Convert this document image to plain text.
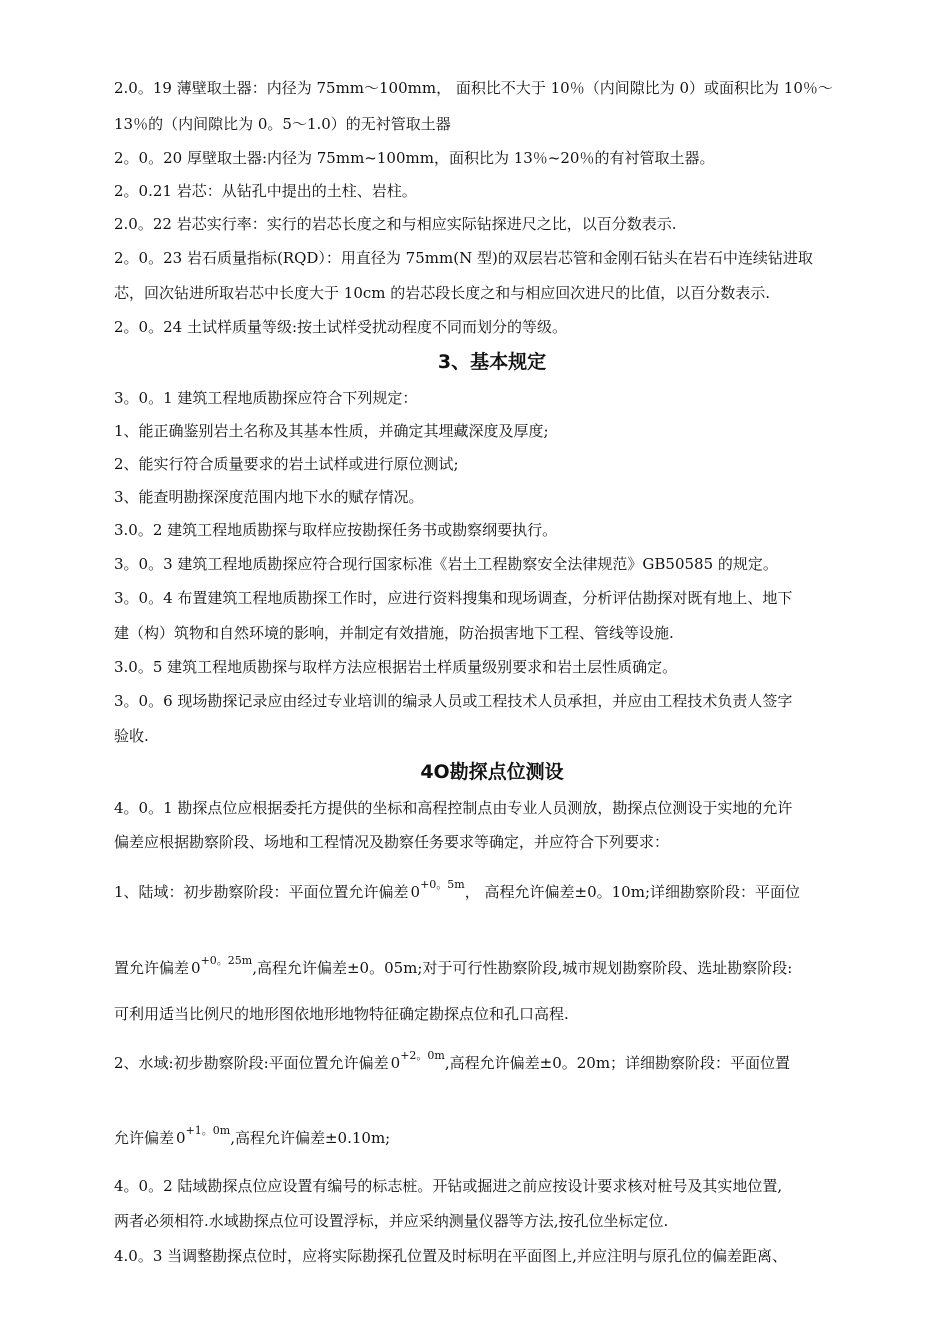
2.0。19 薄壁取土器：内径为 75mm～100mm， 面积比不大于 10％（内间隙比为 0）或面积比为 10％～

13％的（内间隙比为 0。5～1.0）的无衬管取土器

2。0。20 厚壁取土器:内径为 75mm~100mm，面积比为 13％~20％的有衬管取土器。

2。0.21 岩芯：从钻孔中提出的土柱、岩柱。

2.0。22 岩芯实行率：实行的岩芯长度之和与相应实际钻探进尺之比，以百分数表示.

2。0。23 岩石质量指标(RQD）：用直径为 75mm(N 型)的双层岩芯管和金刚石钻头在岩石中连续钻进取

芯，回次钻进所取岩芯中长度大于 10cm 的岩芯段长度之和与相应回次进尺的比值，以百分数表示.

2。0。24 土试样质量等级:按土试样受扰动程度不同而划分的等级。

3、基本规定

3。0。1 建筑工程地质勘探应符合下列规定：

1、能正确鉴别岩土名称及其基本性质，并确定其埋藏深度及厚度;

2、能实行符合质量要求的岩土试样或进行原位测试;

3、能查明勘探深度范围内地下水的赋存情况。

3.0。2 建筑工程地质勘探与取样应按勘探任务书或勘察纲要执行。

3。0。3 建筑工程地质勘探应符合现行国家标准《岩土工程勘察安全法律规范》GB50585 的规定。

3。0。4 布置建筑工程地质勘探工作时，应进行资料搜集和现场调查，分析评估勘探对既有地上、地下

建（构）筑物和自然环境的影响，并制定有效措施，防治损害地下工程、管线等设施.

3.0。5 建筑工程地质勘探与取样方法应根据岩土样质量级别要求和岩土层性质确定。

3。0。6 现场勘探记录应由经过专业培训的编录人员或工程技术人员承担，并应由工程技术负责人签字

验收.

4O勘探点位测设

4。0。1 勘探点位应根据委托方提供的坐标和高程控制点由专业人员测放，勘探点位测设于实地的允许

偏差应根据勘察阶段、场地和工程情况及勘察任务要求等确定，并应符合下列要求：

1、陆域：初步勘察阶段：平面位置允许偏差 $0^{+0。5m}$， 高程允许偏差±0。10m;详细勘察阶段：平面位

置允许偏差 $0^{+0。25m}$,高程允许偏差±0。05m;对于可行性勘察阶段,城市规划勘察阶段、选址勘察阶段:

可利用适当比例尺的地形图依地形地物特征确定勘探点位和孔口高程.

2、水域:初步勘察阶段:平面位置允许偏差 $0^{+2。0m}$,高程允许偏差±0。20m；详细勘察阶段：平面位置

允许偏差 $0^{+1。0m}$,高程允许偏差±0.10m;

4。0。2 陆域勘探点位应设置有编号的标志桩。开钻或掘进之前应按设计要求核对桩号及其实地位置,

两者必须相符.水域勘探点位可设置浮标，并应采纳测量仪器等方法,按孔位坐标定位.

4.0。3 当调整勘探点位时，应将实际勘探孔位置及时标明在平面图上,并应注明与原孔位的偏差距离、
